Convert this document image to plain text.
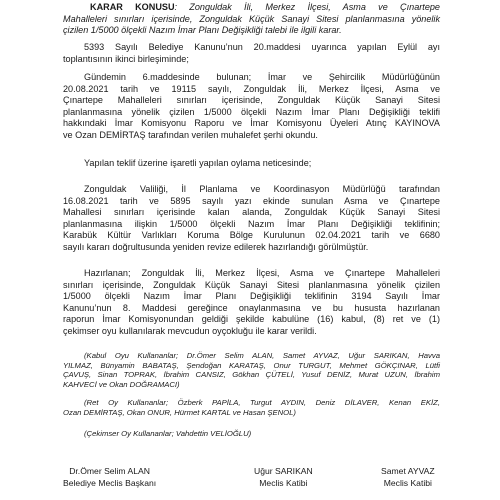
KARAR KONUSU: Zonguldak İli, Merkez İlçesi, Asma ve Çınartepe
Mahalleleri sınırları içerisinde, Zonguldak Küçük Sanayi Sitesi planlanmasına yönelik
çizilen 1/5000 ölçekli Nazım İmar Planı Değişikliği talebi ile ilgili karar.
5393 Sayılı Belediye Kanunu’nun 20.maddesi uyarınca yapılan Eylül ayı
toplantısının ikinci birleşiminde;
Gündemin 6.maddesinde bulunan; İmar ve Şehircilik Müdürlüğünün
20.08.2021 tarih ve 19115 sayılı, Zonguldak İli, Merkez İlçesi, Asma ve
Çınartepe Mahalleleri sınırları içerisinde, Zonguldak Küçük Sanayi Sitesi
planlanmasına yönelik çizilen 1/5000 ölçekli Nazım İmar Planı Değişikliği teklifi
hakkındaki İmar Komisyonu Raporu ve İmar Komisyonu Üyeleri Atınç KAYINOVA
ve Ozan DEMİRTAŞ tarafından verilen muhalefet şerhi okundu.
Yapılan teklif üzerine işaretli yapılan oylama neticesinde;
Zonguldak Valiliği, İl Planlama ve Koordinasyon Müdürlüğü tarafından
16.08.2021 tarih ve 5895 sayılı yazı ekinde sunulan Asma ve Çınartepe
Mahallesi sınırları içerisinde kalan alanda, Zonguldak Küçük Sanayi Sitesi
planlanmasına ilişkin 1/5000 ölçekli Nazım İmar Planı Değişikliği teklifinin;
Karabük Kültür Varlıkları Koruma Bölge Kurulunun 02.04.2021 tarih ve 6680
sayılı kararı doğrultusunda yeniden revize edilerek hazırlandığı görülmüştür.
Hazırlanan; Zonguldak İli, Merkez İlçesi, Asma ve Çınartepe Mahalleleri
sınırları içerisinde, Zonguldak Küçük Sanayi Sitesi planlanmasına yönelik çizilen
1/5000 ölçekli Nazım İmar Planı Değişikliği teklifinin 3194 Sayılı İmar
Kanunu’nun 8. Maddesi gereğince onaylanmasına ve bu hususta hazırlanan
raporun İmar Komisyonundan geldiği şekilde kabulüne (16) kabul, (8) ret ve (1)
çekimser oyu kullanılarak mevcudun oyçokluğu ile karar verildi.
(Kabul Oyu Kullananlar; Dr.Ömer Selim ALAN, Samet AYVAZ, Uğur SARIKAN, Havva
YILMAZ, Bünyamin BABATAŞ, Şendoğan KARATAŞ, Onur TURGUT, Mehmet GÖKÇINAR, Lütfi
ÇAVUŞ, Sinan TOPRAK, İbrahim CANSIZ, Gökhan ÇÜTELİ, Yusuf DENİZ, Murat UZUN, İbrahim
KAHVECİ ve Okan DOĞRAMACI)
(Ret Oy Kullananlar; Özberk PAPİLA, Turgut AYDIN, Deniz DİLAVER, Kenan EKİZ,
Ozan DEMİRTAŞ, Okan ONUR, Hürmet KARTAL ve Hasan ŞENOL)
(Çekimser Oy Kullananlar; Vahdettin VELİOĞLU)
Dr.Ömer Selim ALAN
Belediye Meclis Başkanı
Uğur SARIKAN
Meclis Katibi
Samet AYVAZ
Meclis Katibi
